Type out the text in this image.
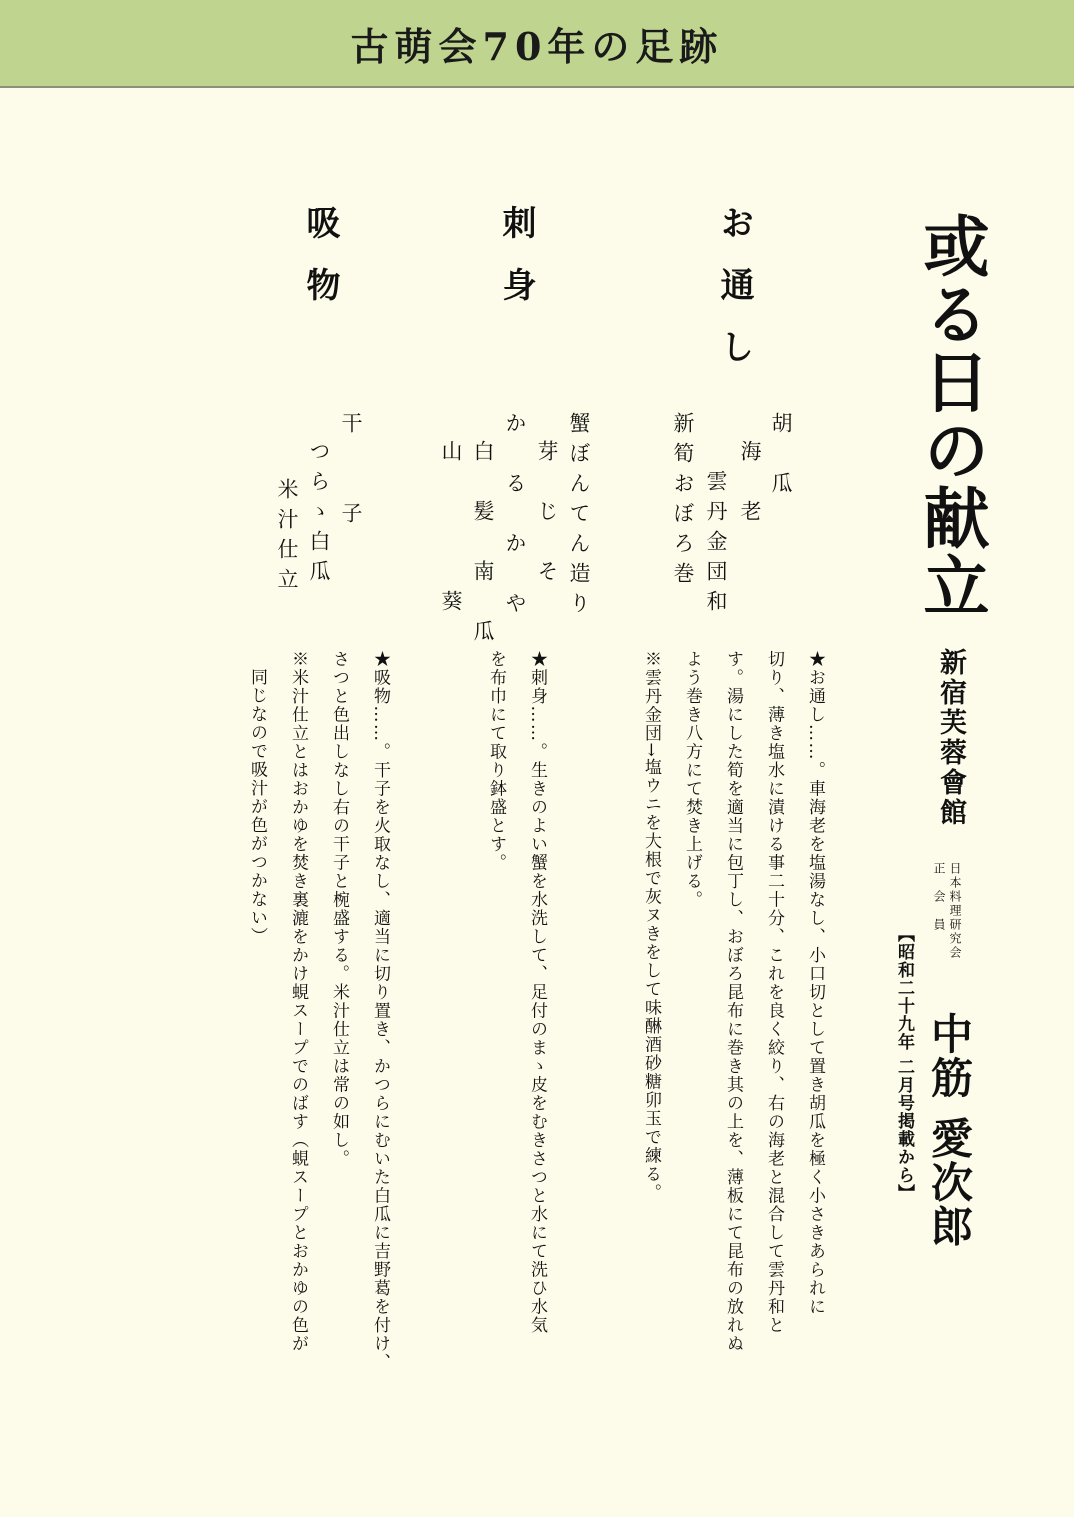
古萌会70年の足跡
或る日の献立
新宿芙蓉會館
日本料理研究会
正　会　員
中筋 愛次郎
【昭和二十九年 二月号掲載から】
お通し
胡　瓜
海　老
雲丹金団和
新筍おぼろ巻
刺身
蟹ぼんてん造り
芽　じ　そ
か　る　か　や
白　髪　南　瓜
山　　　　葵
吸物
干　　子
つらゝ白瓜
米汁仕立
★お通し……。車海老を塩湯なし、小口切として置き胡瓜を極く小さきあられに
切り、薄き塩水に漬ける事二十分、これを良く絞り、右の海老と混合して雲丹和と
す。湯にした筍を適当に包丁し、おぼろ昆布に巻き其の上を、薄板にて昆布の放れぬ
よう巻き八方にて焚き上げる。
※雲丹金団→塩ウニを大根で灰ヌきをして味醂酒砂糖卯玉で練る。
★刺身……。生きのよい蟹を水洗して、足付のまゝ皮をむきさつと水にて洗ひ水気
を布巾にて取り鉢盛とす。
★吸物……。干子を火取なし、適当に切り置き、かつらにむいた白瓜に吉野葛を付け、
さつと色出しなし右の干子と椀盛する。米汁仕立は常の如し。
※米汁仕立とはおかゆを焚き裏漉をかけ蜆スープでのばす（蜆スープとおかゆの色が
同じなので吸汁が色がつかない）
